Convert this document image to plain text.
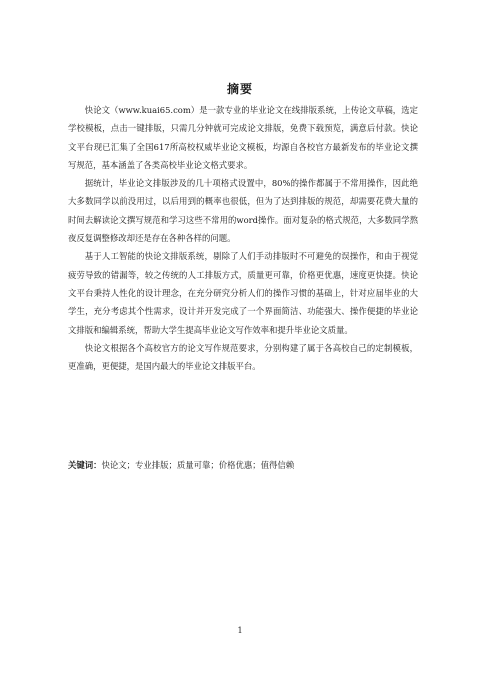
摘要

快论文（www.kuai65.com）是一款专业的毕业论文在线排版系统，上传论文草稿，选定学校模板，点击一键排版，只需几分钟就可完成论文排版，免费下载预览，满意后付款。快论文平台现已汇集了全国617所高校权威毕业论文模板，均源自各校官方最新发布的毕业论文撰写规范，基本涵盖了各类高校毕业论文格式要求。

据统计，毕业论文排版涉及的几十项格式设置中，80%的操作都属于不常用操作，因此绝大多数同学以前没用过，以后用到的概率也很低，但为了达到排版的规范，却需要花费大量的时间去解读论文撰写规范和学习这些不常用的word操作。面对复杂的格式规范，大多数同学熬夜反复调整修改却还是存在各种各样的问题。

基于人工智能的快论文排版系统，剔除了人们手动排版时不可避免的误操作，和由于视觉疲劳导致的错漏等，较之传统的人工排版方式，质量更可靠，价格更优惠，速度更快捷。快论文平台秉持人性化的设计理念，在充分研究分析人们的操作习惯的基础上，针对应届毕业的大学生，充分考虑其个性需求，设计并开发完成了一个界面简洁、功能强大、操作便捷的毕业论文排版和编辑系统，帮助大学生提高毕业论文写作效率和提升毕业论文质量。

快论文根据各个高校官方的论文写作规范要求，分别构建了属于各高校自己的定制模板，更准确，更便捷，是国内最大的毕业论文排版平台。

关键词：快论文；专业排版；质量可靠；价格优惠；值得信赖
1
